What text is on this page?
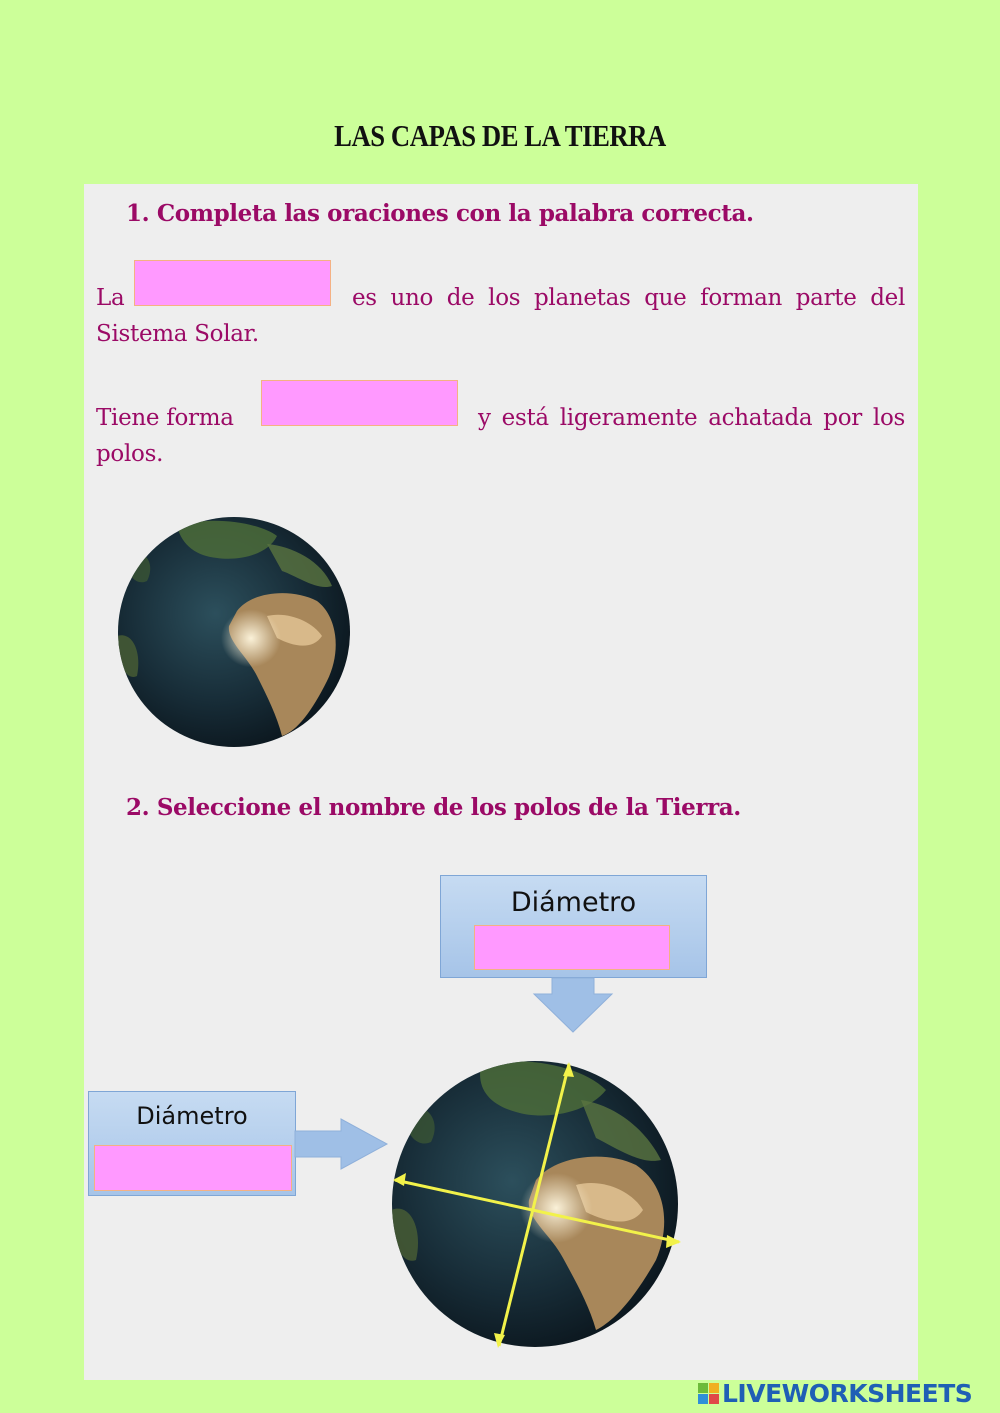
LAS CAPAS DE LA TIERRA
1. Completa las oraciones con la palabra correcta.
La	es uno de los planetas que forman parte del
Sistema Solar.
Tiene forma	y está ligeramente achatada por los
polos.
2. Seleccione el nombre de los polos de la Tierra.
Diámetro
Diámetro
LIVEWORKSHEETS
